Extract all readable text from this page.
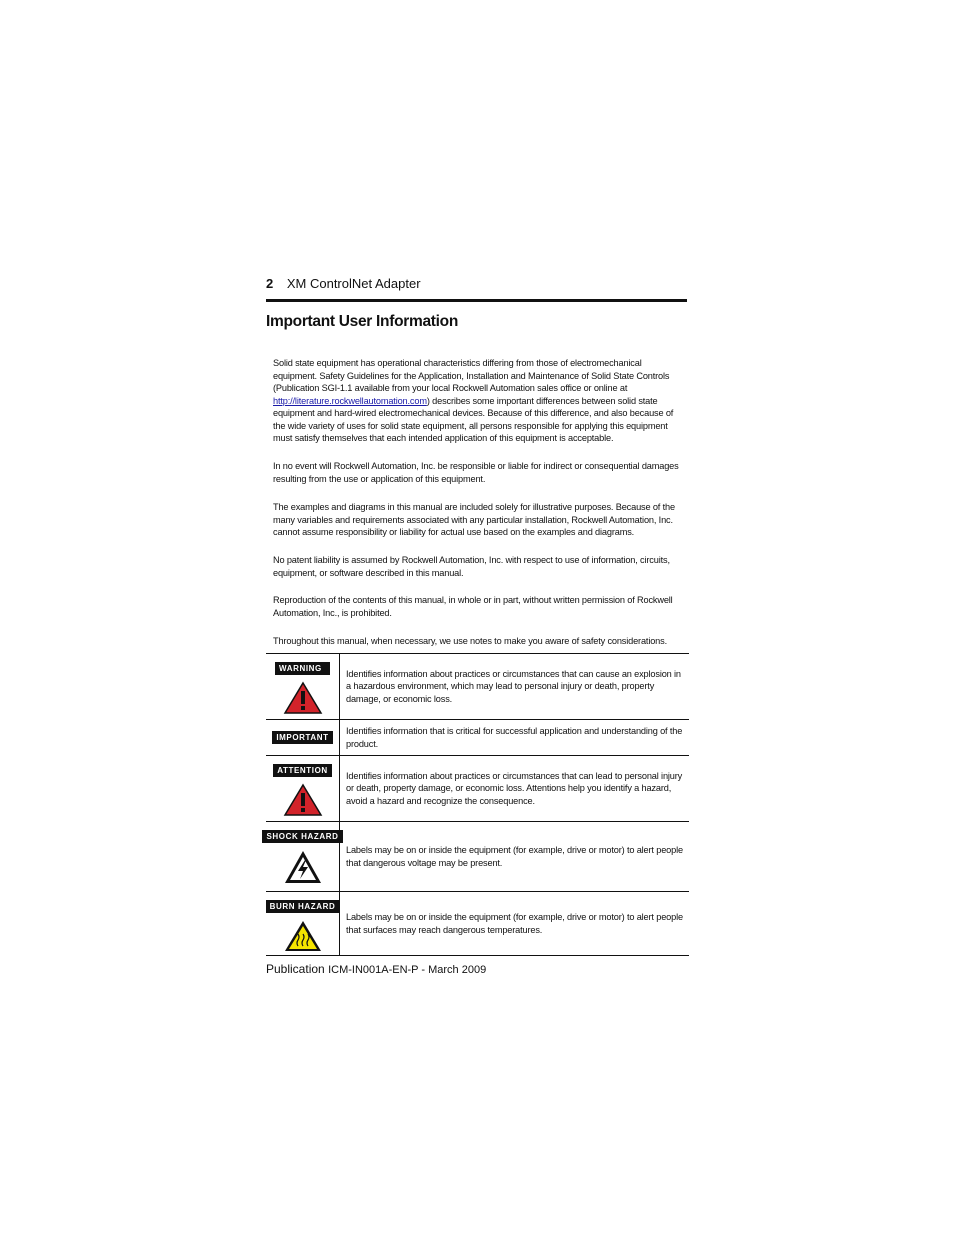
2 XM ControlNet Adapter
Important User Information
Solid state equipment has operational characteristics differing from those of electromechanical equipment. Safety Guidelines for the Application, Installation and Maintenance of Solid State Controls (Publication SGI-1.1 available from your local Rockwell Automation sales office or online at http://literature.rockwellautomation.com) describes some important differences between solid state equipment and hard-wired electromechanical devices. Because of this difference, and also because of the wide variety of uses for solid state equipment, all persons responsible for applying this equipment must satisfy themselves that each intended application of this equipment is acceptable.
In no event will Rockwell Automation, Inc. be responsible or liable for indirect or consequential damages resulting from the use or application of this equipment.
The examples and diagrams in this manual are included solely for illustrative purposes. Because of the many variables and requirements associated with any particular installation, Rockwell Automation, Inc. cannot assume responsibility or liability for actual use based on the examples and diagrams.
No patent liability is assumed by Rockwell Automation, Inc. with respect to use of information, circuits, equipment, or software described in this manual.
Reproduction of the contents of this manual, in whole or in part, without written permission of Rockwell Automation, Inc., is prohibited.
Throughout this manual, when necessary, we use notes to make you aware of safety considerations.
WARNING
Identifies information about practices or circumstances that can cause an explosion in a hazardous environment, which may lead to personal injury or death, property damage, or economic loss.
IMPORTANT
Identifies information that is critical for successful application and understanding of the product.
ATTENTION
Identifies information about practices or circumstances that can lead to personal injury or death, property damage, or economic loss. Attentions help you identify a hazard, avoid a hazard and recognize the consequence.
SHOCK HAZARD
Labels may be on or inside the equipment (for example, drive or motor) to alert people that dangerous voltage may be present.
BURN HAZARD
Labels may be on or inside the equipment (for example, drive or motor) to alert people that surfaces may reach dangerous temperatures.
Publication ICM-IN001A-EN-P - March 2009
